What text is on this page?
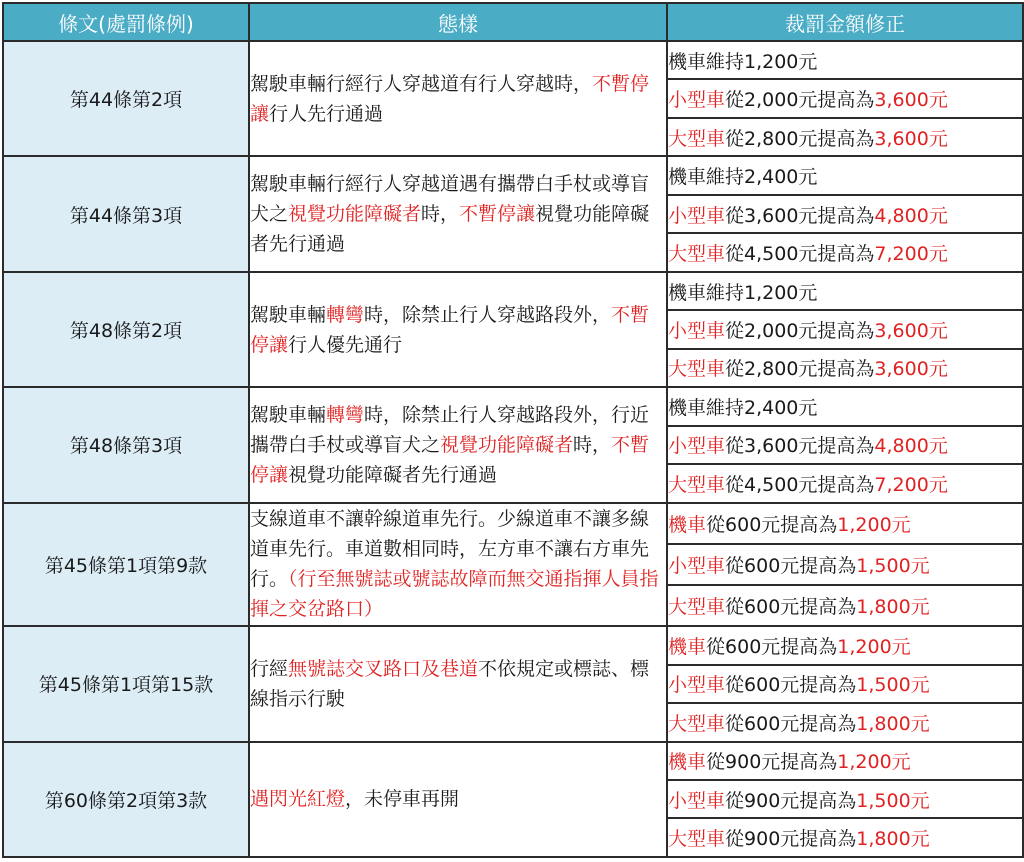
條文(處罰條例)	態樣	裁罰金額修正
第44條第2項	駕駛車輛行經行人穿越道有行人穿越時，不暫停讓行人先行通過	機車維持1,200元
		小型車從2,000元提高為3,600元
		大型車從2,800元提高為3,600元
第44條第3項	駕駛車輛行經行人穿越道遇有攜帶白手杖或導盲犬之視覺功能障礙者時，不暫停讓視覺功能障礙者先行通過	機車維持2,400元
		小型車從3,600元提高為4,800元
		大型車從4,500元提高為7,200元
第48條第2項	駕駛車輛轉彎時，除禁止行人穿越路段外，不暫停讓行人優先通行	機車維持1,200元
		小型車從2,000元提高為3,600元
		大型車從2,800元提高為3,600元
第48條第3項	駕駛車輛轉彎時，除禁止行人穿越路段外，行近攜帶白手杖或導盲犬之視覺功能障礙者時，不暫停讓視覺功能障礙者先行通過	機車維持2,400元
		小型車從3,600元提高為4,800元
		大型車從4,500元提高為7,200元
第45條第1項第9款	支線道車不讓幹線道車先行。少線道車不讓多線道車先行。車道數相同時，左方車不讓右方車先行。（行至無號誌或號誌故障而無交通指揮人員指揮之交岔路口）	機車從600元提高為1,200元
		小型車從600元提高為1,500元
		大型車從600元提高為1,800元
第45條第1項第15款	行經無號誌交叉路口及巷道不依規定或標誌、標線指示行駛	機車從600元提高為1,200元
		小型車從600元提高為1,500元
		大型車從600元提高為1,800元
第60條第2項第3款	遇閃光紅燈，未停車再開	機車從900元提高為1,200元
		小型車從900元提高為1,500元
		大型車從900元提高為1,800元
